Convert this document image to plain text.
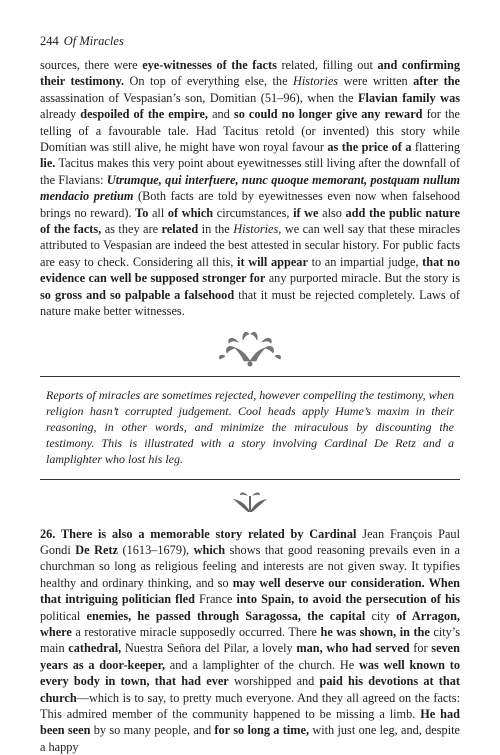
244 Of Miracles

sources, there were eye-witnesses of the facts related, filling out and confirming their testimony. On top of everything else, the Histories were written after the assassination of Vespasian’s son, Domitian (51–96), when the Flavian family was already despoiled of the empire, and so could no longer give any reward for the telling of a favourable tale. Had Tacitus retold (or invented) this story while Domitian was still alive, he might have won royal favour as the price of a flattering lie. Tacitus makes this very point about eyewitnesses still living after the downfall of the Flavians: Utrumque, qui interfuere, nunc quoque memorant, postquam nullum mendacio pretium (Both facts are told by eyewitnesses even now when falsehood brings no reward). To all of which circumstances, if we also add the public nature of the facts, as they are related in the Histories, we can well say that these miracles attributed to Vespasian are indeed the best attested in secular history. For public facts are easy to check. Considering all this, it will appear to an impartial judge, that no evidence can well be supposed stronger for any purported miracle. But the story is so gross and so palpable a falsehood that it must be rejected completely. Laws of nature make better witnesses.

Reports of miracles are sometimes rejected, however compelling the testimony, when religion hasn’t corrupted judgement. Cool heads apply Hume’s maxim in their reasoning, in other words, and minimize the miraculous by discounting the testimony. This is illustrated with a story involving Cardinal De Retz and a lamplighter who lost his leg.

26. There is also a memorable story related by Cardinal Jean François Paul Gondi De Retz (1613–1679), which shows that good reasoning prevails even in a churchman so long as religious feeling and interests are not given sway. It typifies healthy and ordinary thinking, and so may well deserve our consideration. When that intriguing politician fled France into Spain, to avoid the persecution of his political enemies, he passed through Saragossa, the capital city of Arragon, where a restorative miracle supposedly occurred. There he was shown, in the city’s main cathedral, Nuestra Señora del Pilar, a lovely man, who had served for seven years as a door-keeper, and a lamplighter of the church. He was well known to every body in town, that had ever worshipped and paid his devotions at that church—which is to say, to pretty much everyone. And they all agreed on the facts: This admired member of the community happened to be missing a limb. He had been seen by so many people, and for so long a time, with just one leg, and, despite a happy
